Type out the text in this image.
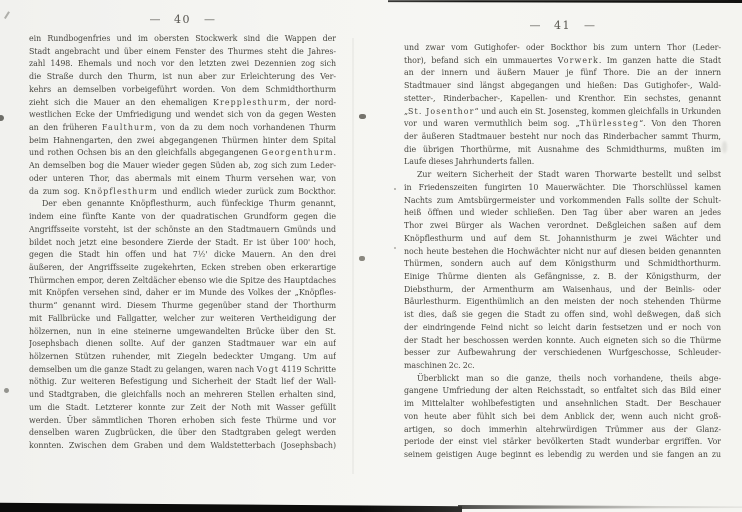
— 40 —
ein Rundbogenfries und im obersten Stockwerk sind die Wappen der
Stadt angebracht und über einem Fenster des Thurmes steht die Jahres-
zahl 1498. Ehemals und noch vor den letzten zwei Dezennien zog sich
die Straße durch den Thurm, ist nun aber zur Erleichterung des Ver-
kehrs an demselben vorbeigeführt worden. Von dem Schmidthorthurm
zieht sich die Mauer an den ehemaligen Krepplesthurm, der nord-
westlichen Ecke der Umfriedigung und wendet sich von da gegen Westen
an den früheren Faulthurm, von da zu dem noch vorhandenen Thurm
beim Hahnengarten, den zwei abgegangenen Thürmen hinter dem Spital
und rothen Ochsen bis an den gleichfalls abgegangenen Georgenthurm.
An demselben bog die Mauer wieder gegen Süden ab, zog sich zum Leder-
oder unteren Thor, das abermals mit einem Thurm versehen war, von
da zum sog. Knöpflesthurm und endlich wieder zurück zum Bockthor.
Der eben genannte Knöpflesthurm, auch fünfeckige Thurm genannt,
indem eine fünfte Kante von der quadratischen Grundform gegen die
Angriffsseite vorsteht, ist der schönste an den Stadtmauern Gmünds und
bildet noch jetzt eine besondere Zierde der Stadt. Er ist über 100' hoch,
gegen die Stadt hin offen und hat 7½' dicke Mauern. An den drei
äußeren, der Angriffsseite zugekehrten, Ecken streben oben erkerartige
Thürmchen empor, deren Zeltdächer ebenso wie die Spitze des Hauptdaches
mit Knöpfen versehen sind, daher er im Munde des Volkes der „Knöpfles-
thurm“ genannt wird. Diesem Thurme gegenüber stand der Thorthurm
mit Fallbrücke und Fallgatter, welcher zur weiteren Vertheidigung der
hölzernen, nun in eine steinerne umgewandelten Brücke über den St.
Josephsbach dienen sollte. Auf der ganzen Stadtmauer war ein auf
hölzernen Stützen ruhender, mit Ziegeln bedeckter Umgang. Um auf
demselben um die ganze Stadt zu gelangen, waren nach Vogt 4119 Schritte
nöthig. Zur weiteren Befestigung und Sicherheit der Stadt lief der Wall-
und Stadtgraben, die gleichfalls noch an mehreren Stellen erhalten sind,
um die Stadt. Letzterer konnte zur Zeit der Noth mit Wasser gefüllt
werden. Über sämmtlichen Thoren erhoben sich feste Thürme und vor
denselben waren Zugbrücken, die über den Stadtgraben gelegt werden
konnten. Zwischen dem Graben und dem Waldstetterbach (Josephsbach)
— 41 —
und zwar vom Gutighofer- oder Bockthor bis zum untern Thor (Leder-
thor), befand sich ein ummauertes Vorwerk. Im ganzen hatte die Stadt
an der innern und äußern Mauer je fünf Thore. Die an der innern
Stadtmauer sind längst abgegangen und hießen: Das Gutighofer-, Wald-
stetter-, Rinderbacher-, Kapellen- und Krenthor. Ein sechstes, genannt
„St. Josenthor“ und auch ein St. Josensteg, kommen gleichfalls in Urkunden
vor und waren vermuthlich beim sog. „Thürlessteg“. Von den Thoren
der äußeren Stadtmauer besteht nur noch das Rinderbacher sammt Thurm,
die übrigen Thorthürme, mit Ausnahme des Schmidthurms, mußten im
Laufe dieses Jahrhunderts fallen.
Zur weitern Sicherheit der Stadt waren Thorwarte bestellt und selbst
in Friedenszeiten fungirten 10 Mauerwächter. Die Thorschlüssel kamen
Nachts zum Amtsbürgermeister und vorkommenden Falls sollte der Schult-
heiß öffnen und wieder schließen. Den Tag über aber waren an jedes
Thor zwei Bürger als Wachen verordnet. Deßgleichen saßen auf dem
Knöpflesthurm und auf dem St. Johannisthurm je zwei Wächter und
noch heute bestehen die Hochwächter nicht nur auf diesen beiden genannten
Thürmen, sondern auch auf dem Königsthurm und Schmidthorthurm.
Einige Thürme dienten als Gefängnisse, z. B. der Königsthurm, der
Diebsthurm, der Armenthurm am Waisenhaus, und der Beinlis- oder
Bäurlesthurm. Eigenthümlich an den meisten der noch stehenden Thürme
ist dies, daß sie gegen die Stadt zu offen sind, wohl deßwegen, daß sich
der eindringende Feind nicht so leicht darin festsetzen und er noch von
der Stadt her beschossen werden konnte. Auch eigneten sich so die Thürme
besser zur Aufbewahrung der verschiedenen Wurfgeschosse, Schleuder-
maschinen 2c. 2c.
Überblickt man so die ganze, theils noch vorhandene, theils abge-
gangene Umfriedung der alten Reichsstadt, so entfaltet sich das Bild einer
im Mittelalter wohlbefestigten und ansehnlichen Stadt. Der Beschauer
von heute aber fühlt sich bei dem Anblick der, wenn auch nicht groß-
artigen, so doch immerhin altehrwürdigen Trümmer aus der Glanz-
periode der einst viel stärker bevölkerten Stadt wunderbar ergriffen. Vor
seinem geistigen Auge beginnt es lebendig zu werden und sie fangen an zu
